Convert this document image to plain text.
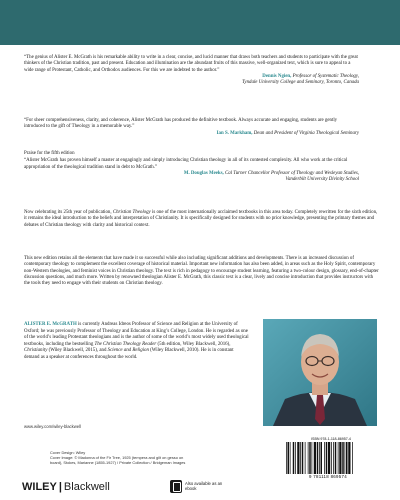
“The genius of Alister E. McGrath is his remarkable ability to write in a clear, concise, and lucid manner that draws both teachers and students to participate with the great thinkers of the Christian tradition, past and present. Education and illumination are the abundant fruits of this massive, well-organized text, which is sure to appeal to a wide range of Protestant, Catholic, and Orthodox audiences. For this we are indebted to the author.”
Dennis Ngien, Professor of Systematic Theology,
Tyndale University College and Seminary, Toronto, Canada
“For sheer comprehensiveness, clarity, and coherence, Alister McGrath has produced the definitive textbook. Always accurate and engaging, students are gently introduced to the gift of Theology in a memorable way.”
Ian S. Markham, Dean and President of Virginia Theological Seminary
Praise for the fifth edition
“Alister McGrath has proven himself a master at engagingly and simply introducing Christian theology in all of its contested complexity. All who work at the critical appropriation of the theological tradition stand in debt to McGrath.”
M. Douglas Meeks, Cal Turner Chancellor Professor of Theology and Wesleyan Studies,
Vanderbilt University Divinity School
Now celebrating its 25th year of publication, Christian Theology is one of the most internationally acclaimed textbooks in this area today. Completely rewritten for the sixth edition, it remains the ideal introduction to the beliefs and interpretation of Christianity. It is specifically designed for students with no prior knowledge, presenting the primary themes and debates of Christian theology with clarity and historical context.
This new edition retains all the elements that have made it so successful while also including significant additions and developments. There is an increased discussion of contemporary theology to complement the excellent coverage of historical material. Important new information has also been added, in areas such as the Holy Spirit, contemporary non-Western theologies, and feminist voices in Christian theology. The text is rich in pedagogy to encourage student learning, featuring a two-colour design, glossary, end-of-chapter discussion questions, and much more. Written by renowned theologian Alister E. McGrath, this classic text is a clear, lively and concise introduction that provides instructors with the tools they need to engage with their students on Christian theology.
ALISTER E. McGRATH is currently Andreas Idreos Professor of Science and Religion at the University of Oxford; he was previously Professor of Theology and Education at King’s College, London. He is regarded as one of the world’s leading Protestant theologians and is the author of some of the world’s most widely used theological textbooks, including the bestselling The Christian Theology Reader (5th edition, Wiley Blackwell, 2016), Christianity (Wiley Blackwell, 2015), and Science and Religion (Wiley Blackwell, 2010). He is in constant demand as a speaker at conferences throughout the world.
www.wiley.com/wiley-blackwell
Cover Design: Wiley
Cover Image: © Madonna of the Fir Tree, 1925 (tempera and gilt on gesso on
board), Stokes, Marianne (1855-1927) / Private Collection / Bridgeman Images
ISBN 978-1-118-86957-4
9 781118 869574
WILEY | Blackwell	Also available as an ebook
